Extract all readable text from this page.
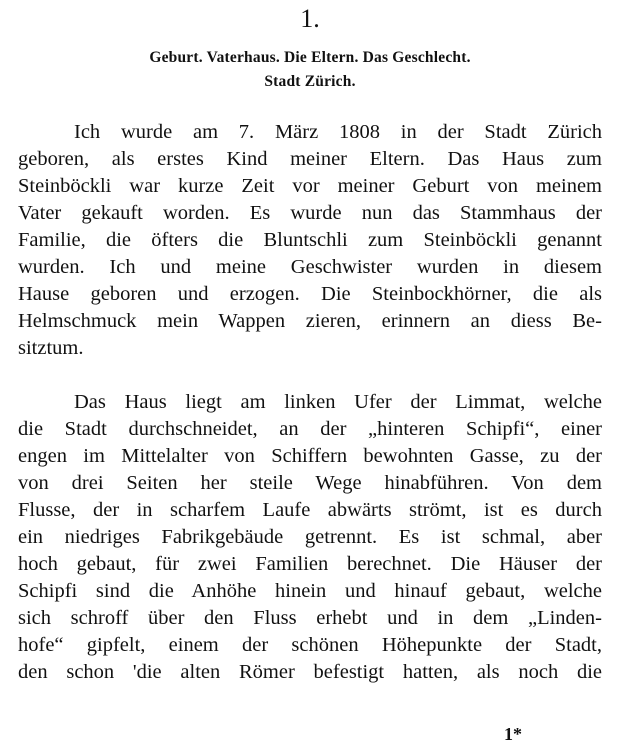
1.
Geburt. Vaterhaus. Die Eltern. Das Geschlecht.
Stadt Zürich.
Ich wurde am 7. März 1808 in der Stadt Zürich
geboren, als erstes Kind meiner Eltern. Das Haus zum
Steinböckli war kurze Zeit vor meiner Geburt von meinem
Vater gekauft worden. Es wurde nun das Stammhaus der
Familie, die öfters die Bluntschli zum Steinböckli genannt
wurden. Ich und meine Geschwister wurden in diesem
Hause geboren und erzogen. Die Steinbockhörner, die als
Helmschmuck mein Wappen zieren, erinnern an diess Be-
sitztum.
Das Haus liegt am linken Ufer der Limmat, welche
die Stadt durchschneidet, an der „hinteren Schipfi“, einer
engen im Mittelalter von Schiffern bewohnten Gasse, zu der
von drei Seiten her steile Wege hinabführen. Von dem
Flusse, der in scharfem Laufe abwärts strömt, ist es durch
ein niedriges Fabrikgebäude getrennt. Es ist schmal, aber
hoch gebaut, für zwei Familien berechnet. Die Häuser der
Schipfi sind die Anhöhe hinein und hinauf gebaut, welche
sich schroff über den Fluss erhebt und in dem „Linden-
hofe“ gipfelt, einem der schönen Höhepunkte der Stadt,
den schon 'die alten Römer befestigt hatten, als noch die
1*
